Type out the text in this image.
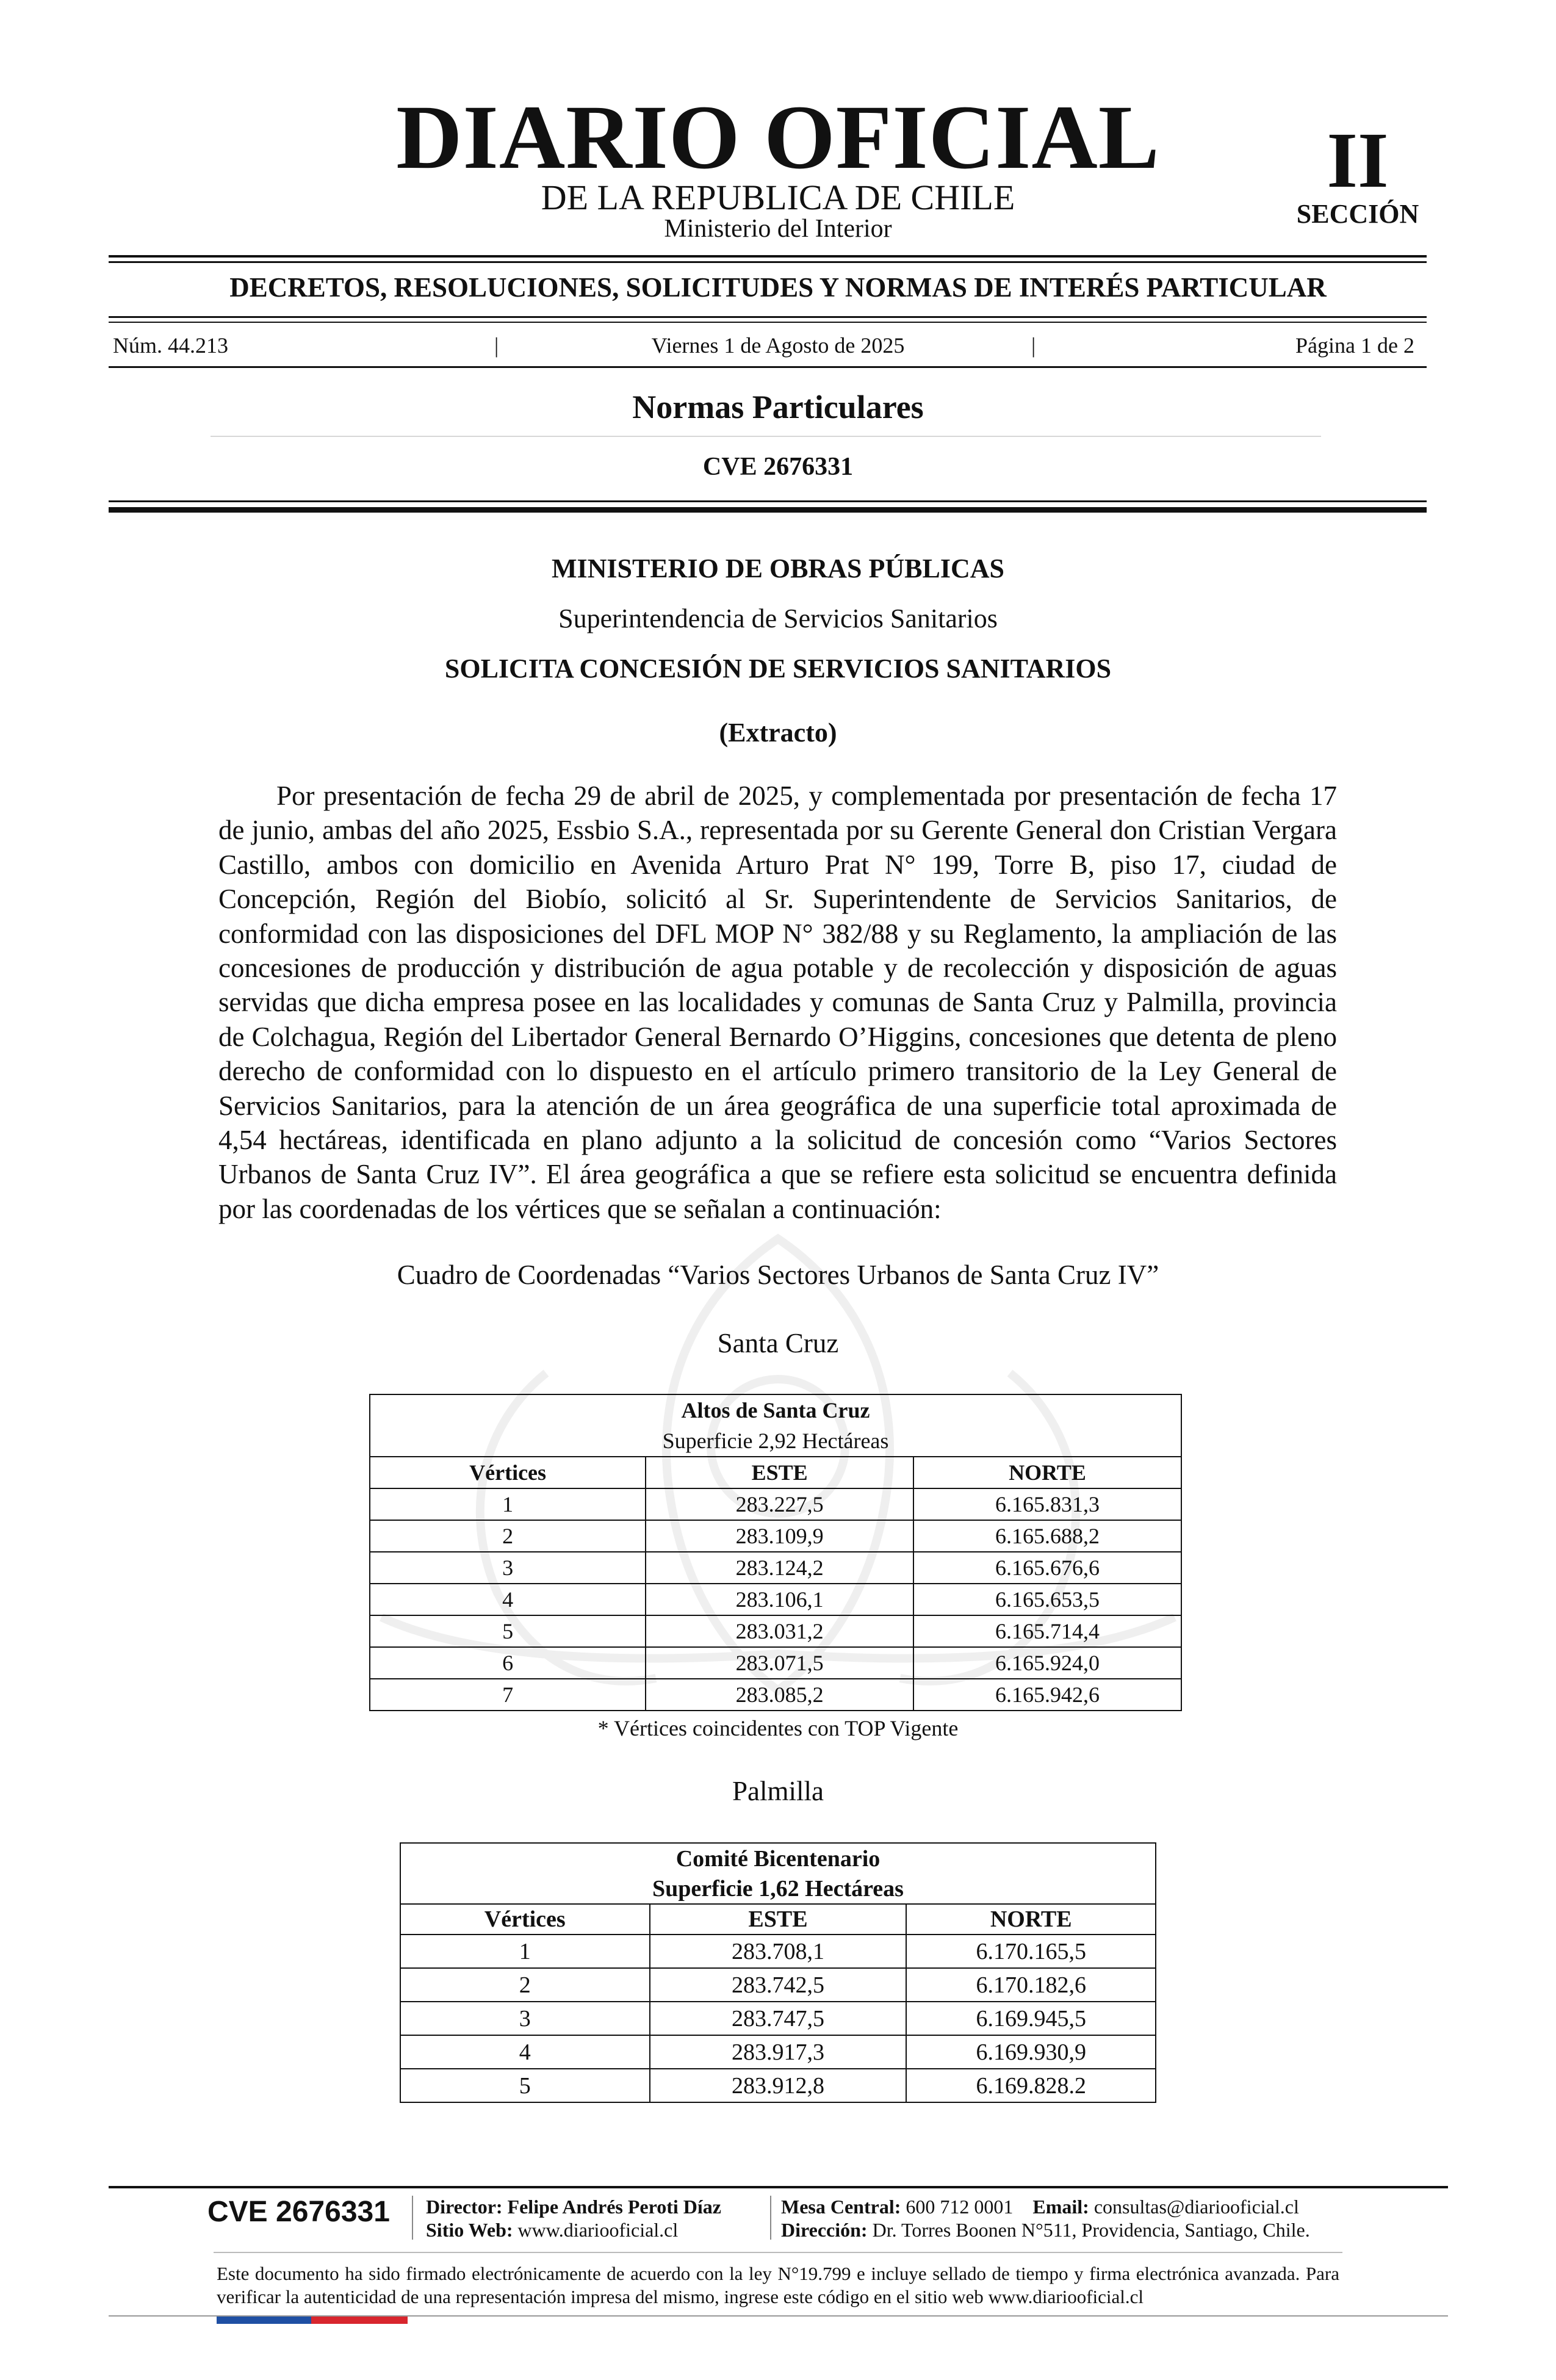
DIARIO OFICIAL
DE LA REPUBLICA DE CHILE
Ministerio del Interior
II
SECCIÓN
DECRETOS, RESOLUCIONES, SOLICITUDES Y NORMAS DE INTERÉS PARTICULAR
Núm. 44.213	|	Viernes 1 de Agosto de 2025	|	Página 1 de 2
Normas Particulares
CVE 2676331
MINISTERIO DE OBRAS PÚBLICAS
Superintendencia de Servicios Sanitarios
SOLICITA CONCESIÓN DE SERVICIOS SANITARIOS
(Extracto)

Por presentación de fecha 29 de abril de 2025, y complementada por presentación de fecha 17 de junio, ambas del año 2025, Essbio S.A., representada por su Gerente General don Cristian Vergara Castillo, ambos con domicilio en Avenida Arturo Prat N° 199, Torre B, piso 17, ciudad de Concepción, Región del Biobío, solicitó al Sr. Superintendente de Servicios Sanitarios, de conformidad con las disposiciones del DFL MOP N° 382/88 y su Reglamento, la ampliación de las concesiones de producción y distribución de agua potable y de recolección y disposición de aguas servidas que dicha empresa posee en las localidades y comunas de Santa Cruz y Palmilla, provincia de Colchagua, Región del Libertador General Bernardo O’Higgins, concesiones que detenta de pleno derecho de conformidad con lo dispuesto en el artículo primero transitorio de la Ley General de Servicios Sanitarios, para la atención de un área geográfica de una superficie total aproximada de 4,54 hectáreas, identificada en plano adjunto a la solicitud de concesión como “Varios Sectores Urbanos de Santa Cruz IV”. El área geográfica a que se refiere esta solicitud se encuentra definida por las coordenadas de los vértices que se señalan a continuación:

Cuadro de Coordenadas “Varios Sectores Urbanos de Santa Cruz IV”
Santa Cruz
Altos de Santa Cruz		
Superficie 2,92 Hectáreas		
Vértices	ESTE	NORTE
1	283.227,5	6.165.831,3
2	283.109,9	6.165.688,2
3	283.124,2	6.165.676,6
4	283.106,1	6.165.653,5
5	283.031,2	6.165.714,4
6	283.071,5	6.165.924,0
7	283.085,2	6.165.942,6
* Vértices coincidentes con TOP Vigente
Palmilla
Comité Bicentenario		
Superficie 1,62 Hectáreas		
Vértices	ESTE	NORTE
1	283.708,1	6.170.165,5
2	283.742,5	6.170.182,6
3	283.747,5	6.169.945,5
4	283.917,3	6.169.930,9
5	283.912,8	6.169.828.2
CVE 2676331 Director: Felipe Andrés Peroti Díaz
Sitio Web: www.diariooficial.cl
Mesa Central: 600 712 0001 Email: consultas@diariooficial.cl
Dirección: Dr. Torres Boonen N°511, Providencia, Santiago, Chile.

Este documento ha sido firmado electrónicamente de acuerdo con la ley N°19.799 e incluye sellado de tiempo y firma electrónica avanzada. Para verificar la autenticidad de una representación impresa del mismo, ingrese este código en el sitio web www.diariooficial.cl
